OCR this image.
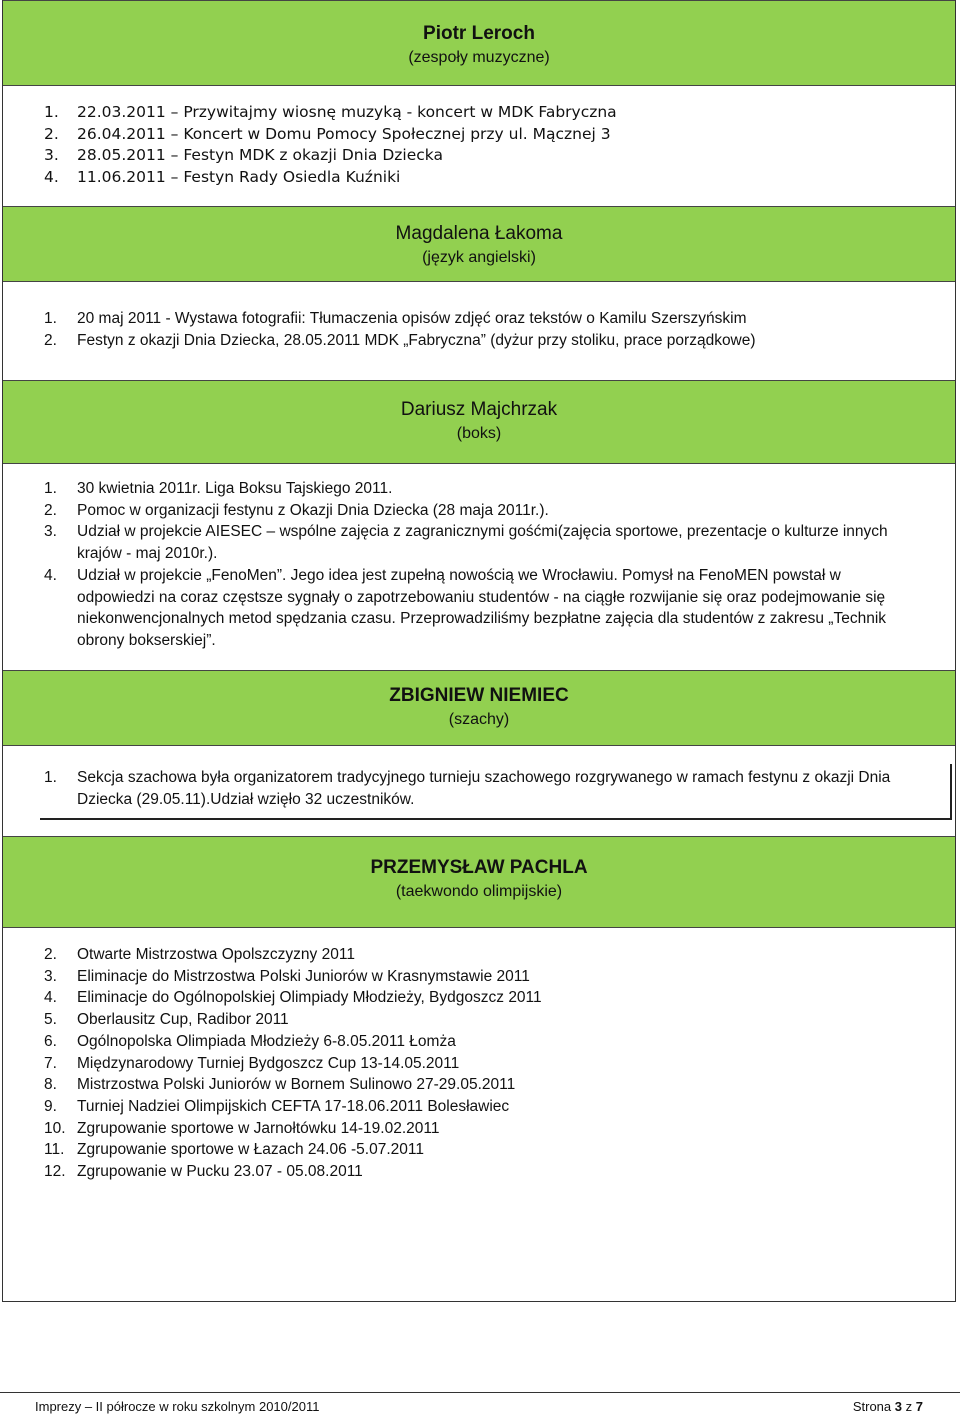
Piotr Leroch
(zespoły muzyczne)
1. 22.03.2011 – Przywitajmy wiosnę muzyką - koncert w MDK Fabryczna
2. 26.04.2011 – Koncert w Domu Pomocy Społecznej przy ul. Mącznej 3
3. 28.05.2011 – Festyn MDK z okazji Dnia Dziecka
4. 11.06.2011 – Festyn Rady Osiedla Kuźniki
Magdalena Łakoma
(język angielski)
1. 20 maj 2011 - Wystawa fotografii: Tłumaczenia opisów zdjęć oraz tekstów o Kamilu Szerszyńskim
2. Festyn z okazji Dnia Dziecka, 28.05.2011 MDK „Fabryczna” (dyżur przy stoliku, prace porządkowe)
Dariusz Majchrzak
(boks)
1. 30 kwietnia 2011r. Liga Boksu Tajskiego 2011.
2. Pomoc w organizacji festynu z Okazji Dnia Dziecka (28 maja 2011r.).
3. Udział w projekcie AIESEC – wspólne zajęcia z zagranicznymi gośćmi(zajęcia sportowe, prezentacje o kulturze innych krajów - maj 2010r.).
4. Udział w projekcie „FenoMen”. Jego idea jest zupełną nowością we Wrocławiu. Pomysł na FenoMEN powstał w odpowiedzi na coraz częstsze sygnały o zapotrzebowaniu studentów - na ciągłe rozwijanie się oraz podejmowanie się niekonwencjonalnych metod spędzania czasu. Przeprowadziliśmy bezpłatne zajęcia dla studentów z zakresu „Technik obrony bokserskiej”.
ZBIGNIEW NIEMIEC
(szachy)
1. Sekcja szachowa była organizatorem tradycyjnego turnieju szachowego rozgrywanego w ramach festynu z okazji Dnia Dziecka (29.05.11).Udział wzięło 32 uczestników.
PRZEMYSŁAW PACHLA
(taekwondo olimpijskie)
2. Otwarte Mistrzostwa Opolszczyzny 2011
3. Eliminacje do Mistrzostwa Polski Juniorów w Krasnymstawie 2011
4. Eliminacje do Ogólnopolskiej Olimpiady Młodzieży, Bydgoszcz 2011
5. Oberlausitz Cup, Radibor 2011
6. Ogólnopolska Olimpiada Młodzieży 6-8.05.2011 Łomża
7. Międzynarodowy Turniej Bydgoszcz Cup 13-14.05.2011
8. Mistrzostwa Polski Juniorów w Bornem Sulinowo 27-29.05.2011
9. Turniej Nadziei Olimpijskich CEFTA 17-18.06.2011 Bolesławiec
10. Zgrupowanie sportowe w Jarnołtówku 14-19.02.2011
11. Zgrupowanie sportowe w Łazach 24.06 -5.07.2011
12. Zgrupowanie w Pucku 23.07 - 05.08.2011
Imprezy – II półrocze w roku szkolnym 2010/2011	Strona 3 z 7
